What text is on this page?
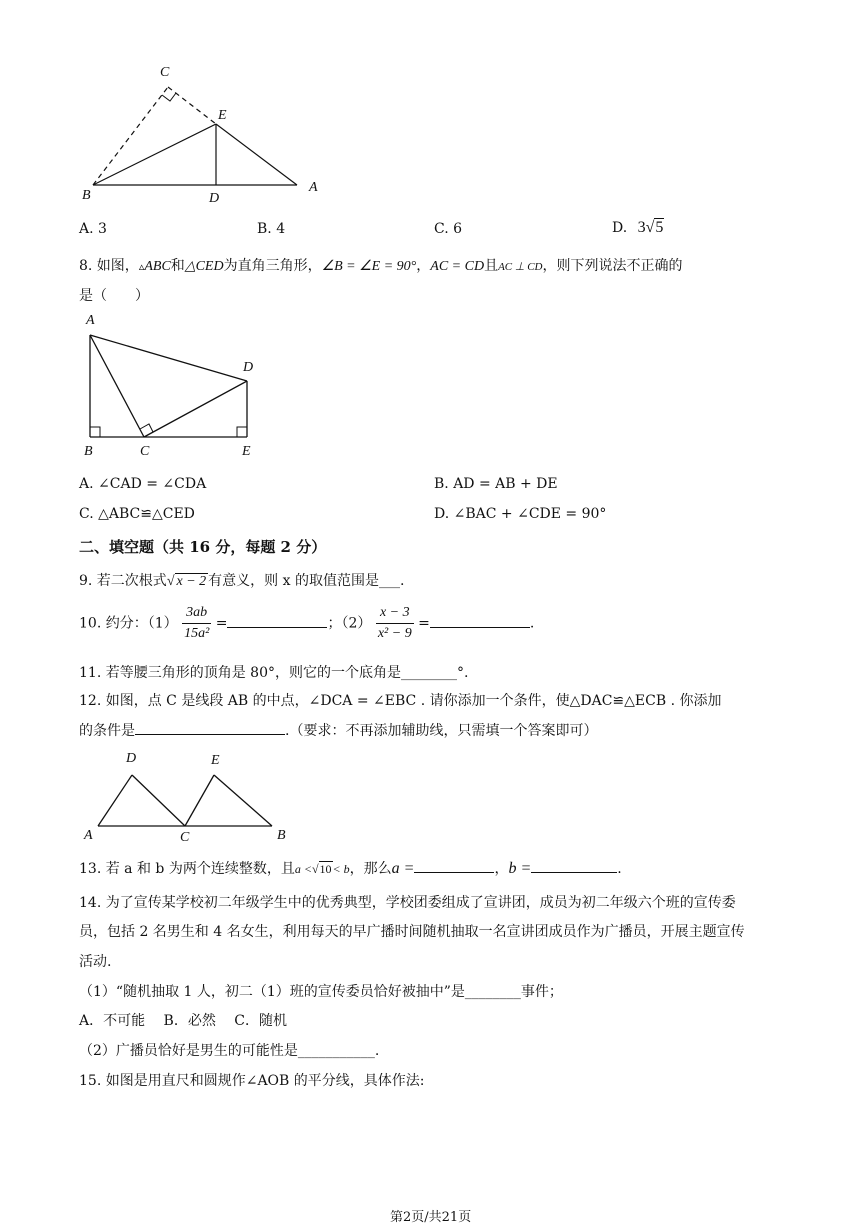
C
E
B	D
A
A. 3	B. 4	C. 6	D. 3√5
8. 如图，▵ABC和△CED为直角三角形，∠B = ∠E = 90°，AC = CD且AC ⊥ CD，则下列说法不正确的
是（　　）
A
D
B	C	E
A. ∠CAD = ∠CDA	B. AD = AB + DE
C. △ABC≌△CED	D. ∠BAC + ∠CDE = 90°
二、填空题（共 16 分，每题 2 分）
9. 若二次根式√ x − 2 有意义，则 x 的取值范围是___.
10. 约分：$(1) \frac{3ab}{\text{15a²}}$ =	；$(2) \frac{x - 3}{\text{x² − 9}}$ =	.
11. 若等腰三角形的顶角是 80°，则它的一个底角是________°.
12. 如图，点 C 是线段 AB 的中点，∠DCA = ∠EBC . 请你添加一个条件，使△DAC≌△ECB . 你添加
的条件是	.（要求：不再添加辅助线，只需填一个答案即可）
D	E
A	C	B
13. 若 a 和 b 为两个连续整数，且a <√10< b，那么a =	，b =	.
14. 为了宣传某学校初二年级学生中的优秀典型，学校团委组成了宣讲团，成员为初二年级六个班的宣传委
员，包括 2 名男生和 4 名女生，利用每天的早广播时间随机抽取一名宣讲团成员作为广播员，开展主题宣传
活动.
（1）“随机抽取 1 人，初二（1）班的宣传委员恰好被抽中”是________事件；
A．不可能　 B．必然　 C．随机
（2）广播员恰好是男生的可能性是___________.
15. 如图是用直尺和圆规作∠AOB 的平分线，具体作法:
第2页/共21页
